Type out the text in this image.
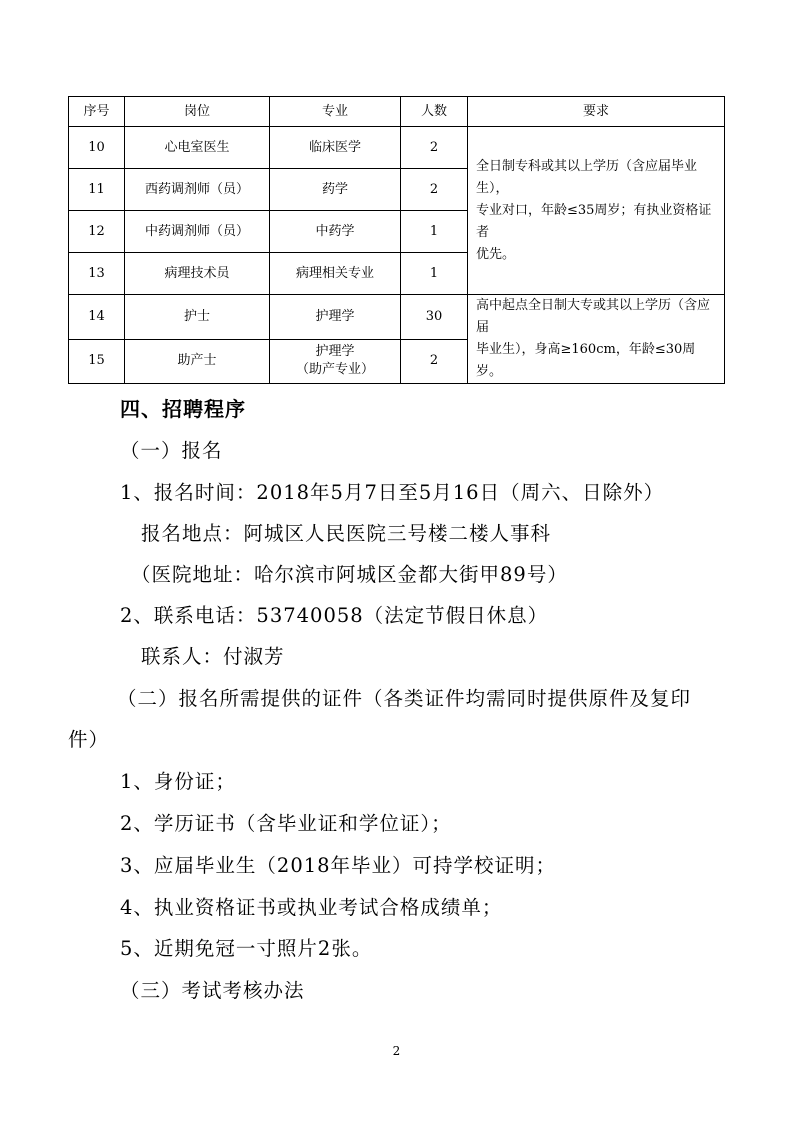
序号	岗位	专业	人数	要求
10	心电室医生	临床医学	2	全日制专科或其以上学历（含应届毕业生），
专业对口，年龄≤35周岁；有执业资格证者
优先。

11	西药调剂师（员）	药学	2	
12	中药调剂师（员）	中药学	1	
13	病理技术员	病理相关专业	1	
14	护士	护理学	30	高中起点全日制大专或其以上学历（含应届
毕业生），身高≥160cm，年龄≤30周岁。

15	助产士	护理学
（助产专业）	2	

四、招聘程序

（一）报名

1、报名时间：2018年5月7日至5月16日（周六、日除外）

报名地点：阿城区人民医院三号楼二楼人事科

（医院地址：哈尔滨市阿城区金都大街甲89号）

2、联系电话：53740058（法定节假日休息）

联系人：付淑芳

（二）报名所需提供的证件（各类证件均需同时提供原件及复印

件）

1、身份证；

2、学历证书（含毕业证和学位证）；

3、应届毕业生（2018年毕业）可持学校证明；

4、执业资格证书或执业考试合格成绩单；

5、近期免冠一寸照片2张。

（三）考试考核办法

2
